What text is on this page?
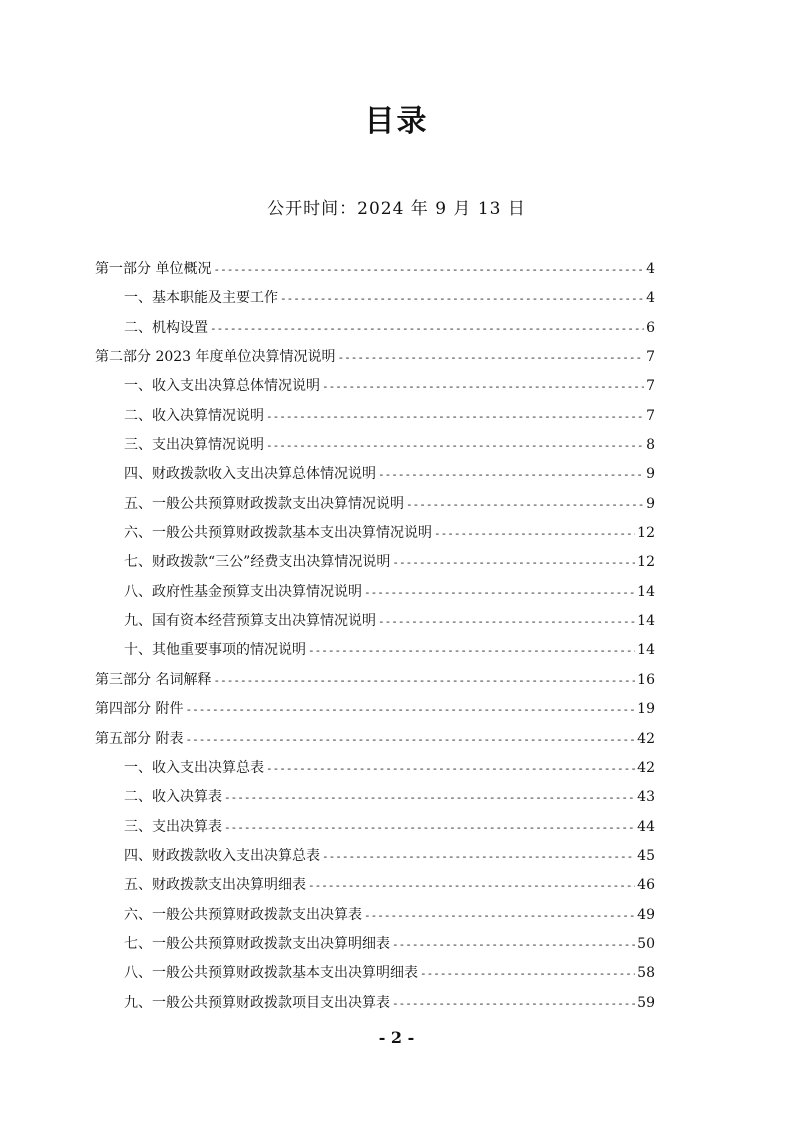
目录
公开时间：2024 年 9 月 13 日
第一部分 单位概况 -----	4
一、基本职能及主要工作 -----	4
二、机构设置 -----	6
第二部分 2023 年度单位决算情况说明 -----	7
一、收入支出决算总体情况说明 -----	7
二、收入决算情况说明 -----	7
三、支出决算情况说明 -----	8
四、财政拨款收入支出决算总体情况说明 -----	9
五、一般公共预算财政拨款支出决算情况说明 -----	9
六、一般公共预算财政拨款基本支出决算情况说明 -----	12
七、财政拨款“三公”经费支出决算情况说明 -----	12
八、政府性基金预算支出决算情况说明 -----	14
九、国有资本经营预算支出决算情况说明 -----	14
十、其他重要事项的情况说明 -----	14
第三部分 名词解释 -----	16
第四部分 附件 -----	19
第五部分 附表 -----	42
一、收入支出决算总表 -----	42
二、收入决算表 -----	43
三、支出决算表 -----	44
四、财政拨款收入支出决算总表 -----	45
五、财政拨款支出决算明细表 -----	46
六、一般公共预算财政拨款支出决算表 -----	49
七、一般公共预算财政拨款支出决算明细表 -----	50
八、一般公共预算财政拨款基本支出决算明细表 -----	58
九、一般公共预算财政拨款项目支出决算表 -----	59
- 2 -
